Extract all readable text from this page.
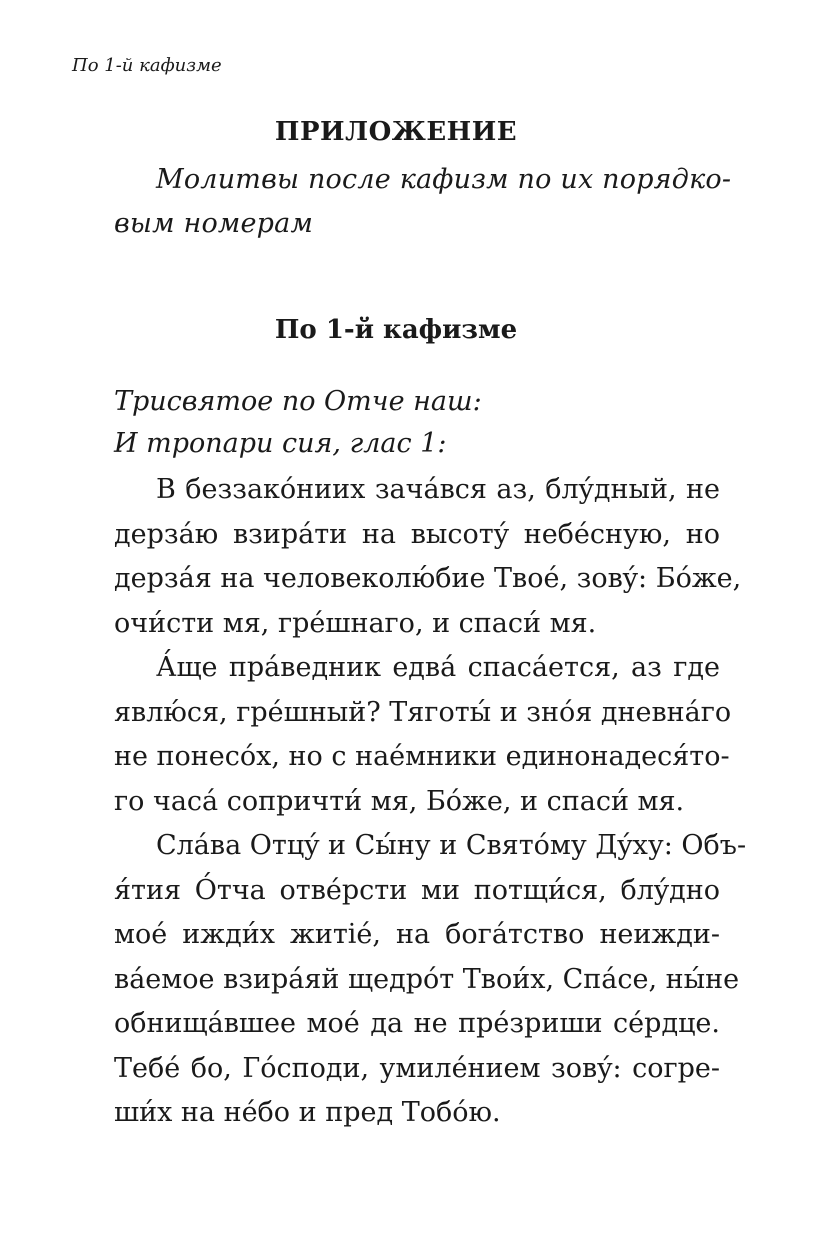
По 1-й кафизме
ПРИЛОЖЕНИЕ
Молитвы после кафизм по их порядко-
вым номерам
По 1-й кафизме
Трисвятое по Отче наш:
И тропари сия, глас 1:
В беззакóниих зачáвся аз, блýдный, не
дерзáю взирáти на высотý небéсную, но
дерзáя на человеколю́бие Твоé, зовý: Бóже,
очи́сти мя, грéшнаго, и спаси́ мя.
А́ще прáведник едвá спасáется, аз где
явлю́ся, грéшный? Тяготы́ и знóя дневнáго
не понесóх, но с наéмники единонадеся́то-
го часá сопричти́ мя, Бóже, и спаси́ мя.
Слáва Отцý и Сы́ну и Святóму Дýху: Объ-
я́тия О́тча отвéрсти ми потщи́ся, блýдно
моé ижди́х житié, на богáтство неижди-
вáемое взирáяй щедрóт Твои́х, Спáсе, ны́не
обнищáвшее моé да не прéзриши сéрдце.
Тебé бо, Гóсподи, умилéнием зовý: согре-
ши́х на нéбо и пред Тобóю.
